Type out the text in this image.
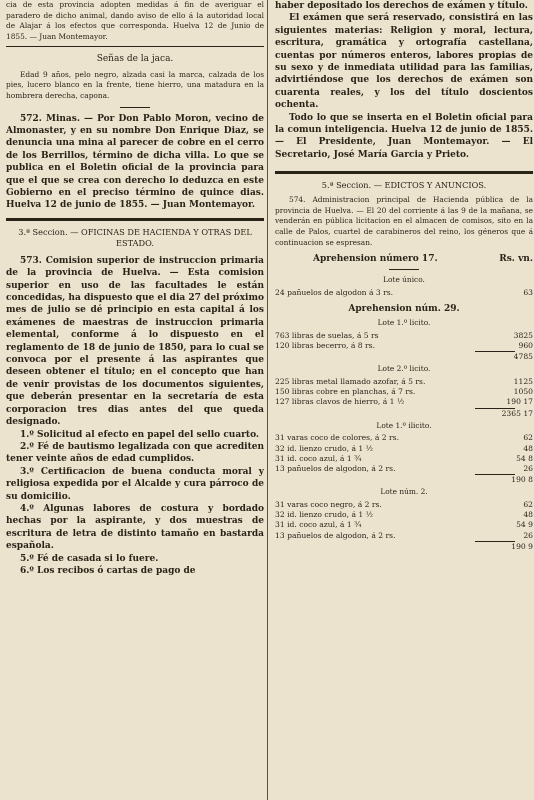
cia de esta provincia adopten medidas á fin de averiguar el paradero de dicho animal, dando aviso de ello á la autoridad local de Alajar á los efectos que corresponda. Huelva 12 de Junio de 1855. — Juan Montemayor.

Señas de la jaca.

Edad 9 años, pelo negro, alzada casi la marca, calzada de los pies, lucero blanco en la frente, tiene hierro, una matadura en la hombrera derecha, capona.

572. Minas. — Por Don Pablo Moron, vecino de Almonaster, y en su nombre Don Enrique Diaz, se denuncia una mina al parecer de cobre en el cerro de los Berrillos, término de dicha villa. Lo que se publica en el Boletin oficial de la provincia para que el que se crea con derecho lo deduzca en este Gobierno en el preciso término de quince dias. Huelva 12 de junio de 1855. — Juan Montemayor.

3.ª Seccion. — OFICINAS DE HACIENDA Y OTRAS DEL ESTADO.

573. Comision superior de instruccion primaria de la provincia de Huelva. — Esta comision superior en uso de las facultades le están concedidas, ha dispuesto que el dia 27 del próximo mes de julio se dé principio en esta capital á los exámenes de maestras de instruccion primaria elemental, conforme á lo dispuesto en el reglamento de 18 de junio de 1850, para lo cual se convoca por el presente á las aspirantes que deseen obtener el título; en el concepto que han de venir provistas de los documentos siguientes, que deberán presentar en la secretaría de esta corporacion tres dias antes del que queda designado.

1.º Solicitud al efecto en papel del sello cuarto.

2.º Fé de bautismo legalizada con que acrediten tener veinte años de edad cumplidos.

3.º Certificacion de buena conducta moral y religiosa expedida por el Alcalde y cura párroco de su domicilio.

4.º Algunas labores de costura y bordado hechas por la aspirante, y dos muestras de escritura de letra de distinto tamaño en bastarda española.

5.º Fé de casada si lo fuere.

6.º Los recibos ó cartas de pago de

haber depositado los derechos de exámen y título.

El exámen que será reservado, consistirá en las siguientes materias: Religion y moral, lectura, escritura, gramática y ortografía castellana, cuentas por números enteros, labores propias de su sexo y de inmediata utilidad para las familias, advirtiéndose que los derechos de exámen son cuarenta reales, y los del título doscientos ochenta.

Todo lo que se inserta en el Boletin oficial para la comun inteligencia. Huelva 12 de junio de 1855. — El Presidente, Juan Montemayor. — El Secretario, José María Garcia y Prieto.

5.ª Seccion. — EDICTOS Y ANUNCIOS.

574. Administracion principal de Hacienda pública de la provincia de Huelva. — El 20 del corriente á las 9 de la mañana, se venderán en pública licitacion en el almacen de comisos, sito en la calle de Palos, cuartel de carabineros del reino, los géneros que á continuacion se espresan.

Aprehension número 17.	Rs. vn.

Lote único.

24 pañuelos de algodon á 3 rs.	63

Aprehension núm. 29.

Lote 1.º licito.

763 libras de suelas, á 5 rs	3825
120 libras becerro, á 8 rs.	960
4785

Lote 2.º licito.

225 libras metal llamado azofar, á 5 rs.	1125
150 libras cobre en planchas, á 7 rs.	1050
127 libras clavos de hierro, á 1 ½	190 17
2365 17

Lote 1.º ilicito.

31 varas coco de colores, á 2 rs.	62
32 id. lienzo crudo, á 1 ½	48
31 id. coco azul, á 1 ¾	54 8
13 pañuelos de algodon, á 2 rs.	26
190 8

Lote núm. 2.

31 varas coco negro, á 2 rs.	62
32 id. lienzo crudo, á 1 ½	48
31 id. coco azul, á 1 ¾	54 9
13 pañuelos de algodon, á 2 rs.	26
190 9
